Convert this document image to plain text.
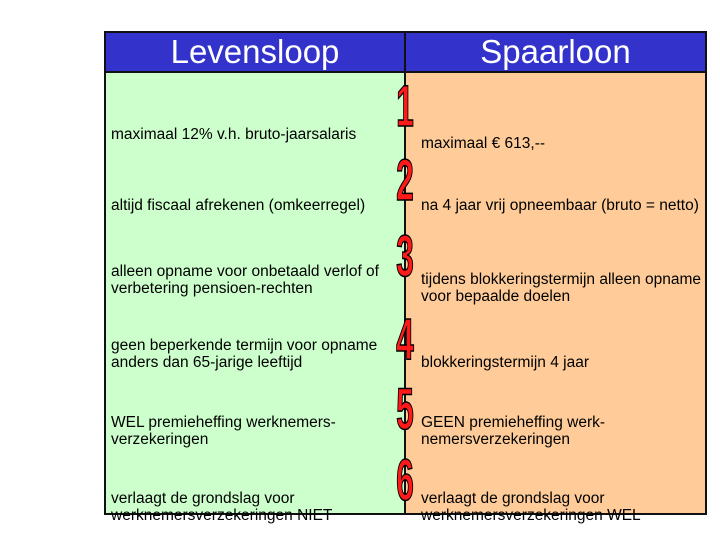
Levensloop	Spaarloon
maximaal 12% v.h. bruto-jaarsalaris
altijd fiscaal afrekenen (omkeerregel)
alleen opname voor onbetaald verlof of verbetering pensioen-rechten
geen beperkende termijn voor opname anders dan 65-jarige leeftijd
WEL premieheffing werknemers-verzekeringen
verlaagt de grondslag voor werknemersverzekeringen NIET
maximaal € 613,--
na 4 jaar vrij opneembaar (bruto = netto)
tijdens blokkeringstermijn alleen opname voor bepaalde doelen
blokkeringstermijn 4 jaar
GEEN premieheffing werk-nemersverzekeringen
verlaagt de grondslag voor werknemersverzekeringen WEL
1
2
3
4
5
6
